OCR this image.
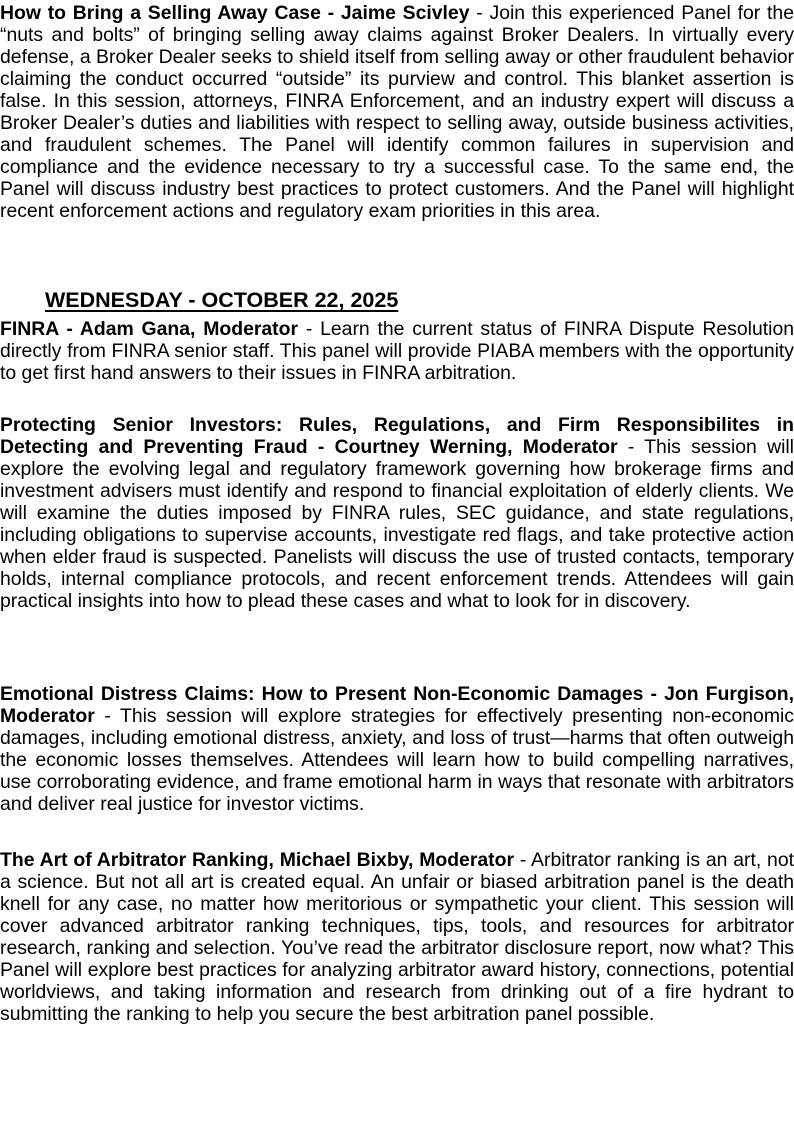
How to Bring a Selling Away Case - Jaime Scivley - Join this experienced Panel for the “nuts and bolts” of bringing selling away claims against Broker Dealers. In virtually every defense, a Broker Dealer seeks to shield itself from selling away or other fraudulent behavior claiming the conduct occurred “outside” its purview and control. This blanket assertion is false. In this session, attorneys, FINRA Enforcement, and an industry expert will discuss a Broker Dealer’s duties and liabilities with respect to selling away, outside business activities, and fraudulent schemes. The Panel will identify common failures in supervision and compliance and the evidence necessary to try a successful case. To the same end, the Panel will discuss industry best practices to protect customers. And the Panel will highlight recent enforcement actions and regulatory exam priorities in this area.

WEDNESDAY - OCTOBER 22, 2025

FINRA - Adam Gana, Moderator - Learn the current status of FINRA Dispute Resolution directly from FINRA senior staff. This panel will provide PIABA members with the opportunity to get first hand answers to their issues in FINRA arbitration.

Protecting Senior Investors: Rules, Regulations, and Firm Responsibilites in Detecting and Preventing Fraud - Courtney Werning, Moderator - This session will explore the evolving legal and regulatory framework governing how brokerage firms and investment advisers must identify and respond to financial exploitation of elderly clients. We will examine the duties imposed by FINRA rules, SEC guidance, and state regulations, including obligations to supervise accounts, investigate red flags, and take protective action when elder fraud is suspected. Panelists will discuss the use of trusted contacts, temporary holds, internal compliance protocols, and recent enforcement trends. Attendees will gain practical insights into how to plead these cases and what to look for in discovery.

Emotional Distress Claims: How to Present Non-Economic Damages - Jon Furgison, Moderator - This session will explore strategies for effectively presenting non-economic damages, including emotional distress, anxiety, and loss of trust—harms that often outweigh the economic losses themselves. Attendees will learn how to build compelling narratives, use corroborating evidence, and frame emotional harm in ways that resonate with arbitrators and deliver real justice for investor victims.

The Art of Arbitrator Ranking, Michael Bixby, Moderator - Arbitrator ranking is an art, not a science. But not all art is created equal. An unfair or biased arbitration panel is the death knell for any case, no matter how meritorious or sympathetic your client. This session will cover advanced arbitrator ranking techniques, tips, tools, and resources for arbitrator research, ranking and selection. You’ve read the arbitrator disclosure report, now what? This Panel will explore best practices for analyzing arbitrator award history, connections, potential worldviews, and taking information and research from drinking out of a fire hydrant to submitting the ranking to help you secure the best arbitration panel possible.
